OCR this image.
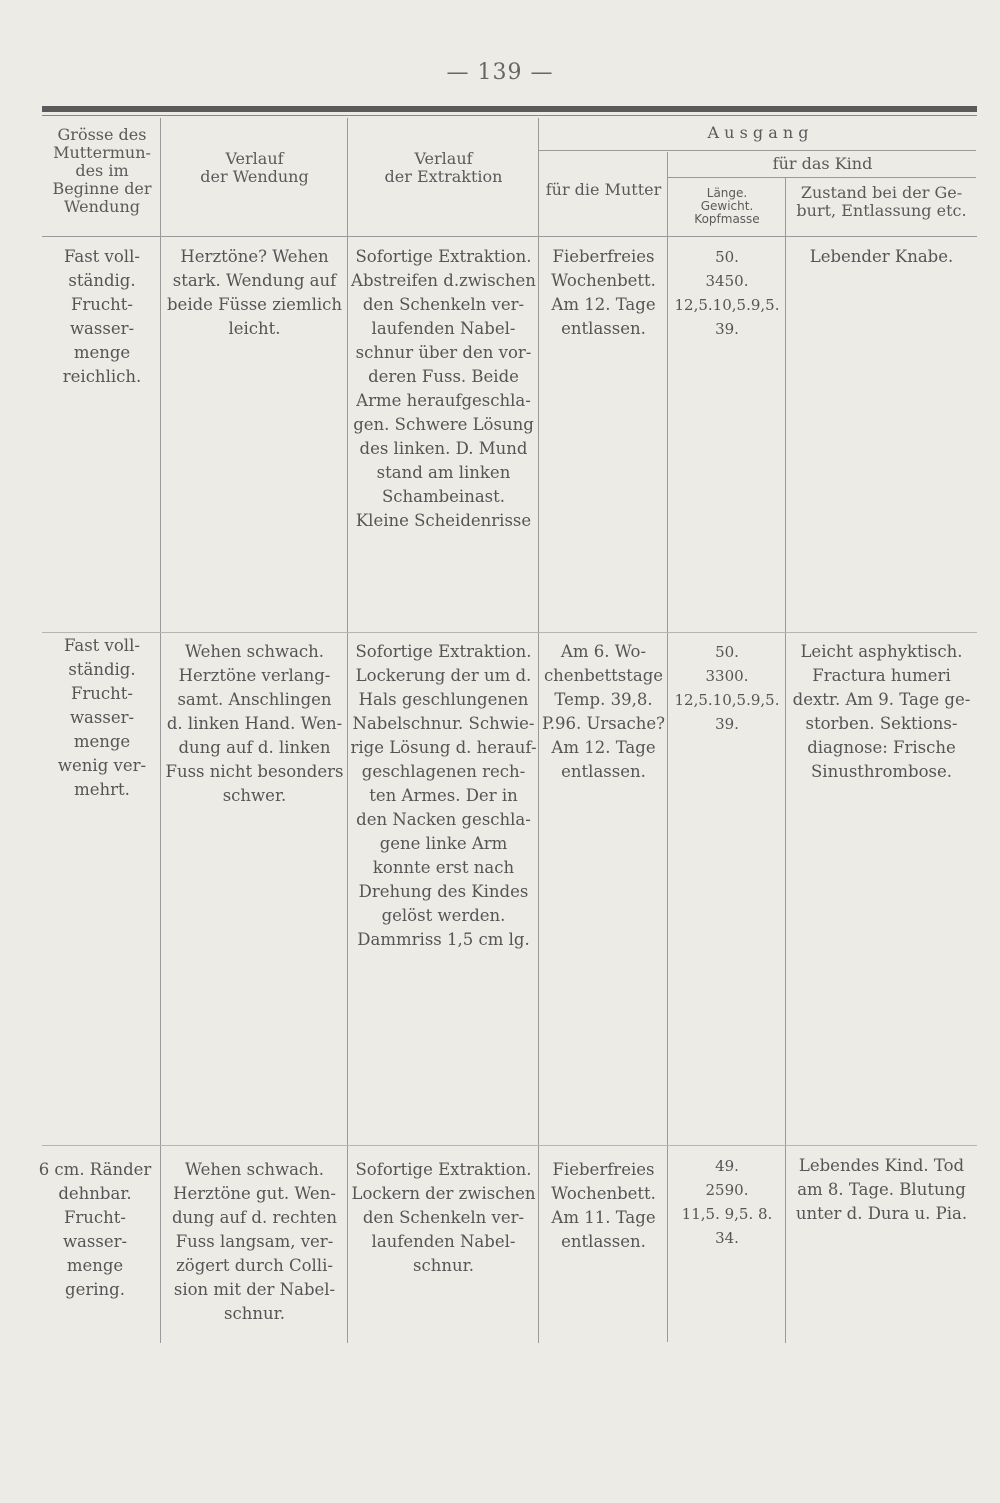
— 139 —
Grösse des
Muttermun-
des im
Beginne der
Wendung
Verlauf
der Wendung
Verlauf
der Extraktion
A u s g a n g
für die Mutter
für das Kind
Länge.
Gewicht.
Kopfmasse
Zustand bei der Ge-
burt, Entlassung etc.
Fast voll-
ständig.
Frucht-
wasser-
menge
reichlich.
Herztöne? Wehen
stark. Wendung auf
beide Füsse ziemlich
leicht.
Sofortige Extraktion.
Abstreifen d.zwischen
den Schenkeln ver-
laufenden Nabel-
schnur über den vor-
deren Fuss. Beide
Arme heraufgeschla-
gen. Schwere Lösung
des linken. D. Mund
stand am linken
Schambeinast.
Kleine Scheidenrisse
Fieberfreies
Wochenbett.
Am 12. Tage
entlassen.
50.
3450.
12,5.10,5.9,5.
39.
Lebender Knabe.
Fast voll-
ständig.
Frucht-
wasser-
menge
wenig ver-
mehrt.
Wehen schwach.
Herztöne verlang-
samt. Anschlingen
d. linken Hand. Wen-
dung auf d. linken
Fuss nicht besonders
schwer.
Sofortige Extraktion.
Lockerung der um d.
Hals geschlungenen
Nabelschnur. Schwie-
rige Lösung d. herauf-
geschlagenen rech-
ten Armes. Der in
den Nacken geschla-
gene linke Arm
konnte erst nach
Drehung des Kindes
gelöst werden.
Dammriss 1,5 cm lg.
Am 6. Wo-
chenbettstage
Temp. 39,8.
P.96. Ursache?
Am 12. Tage
entlassen.
50.
3300.
12,5.10,5.9,5.
39.
Leicht asphyktisch.
Fractura humeri
dextr. Am 9. Tage ge-
storben. Sektions-
diagnose: Frische
Sinusthrombose.
6 cm. Ränder
dehnbar.
Frucht-
wasser-
menge
gering.
Wehen schwach.
Herztöne gut. Wen-
dung auf d. rechten
Fuss langsam, ver-
zögert durch Colli-
sion mit der Nabel-
schnur.
Sofortige Extraktion.
Lockern der zwischen
den Schenkeln ver-
laufenden Nabel-
schnur.
Fieberfreies
Wochenbett.
Am 11. Tage
entlassen.
49.
2590.
11,5. 9,5. 8.
34.
Lebendes Kind. Tod
am 8. Tage. Blutung
unter d. Dura u. Pia.
